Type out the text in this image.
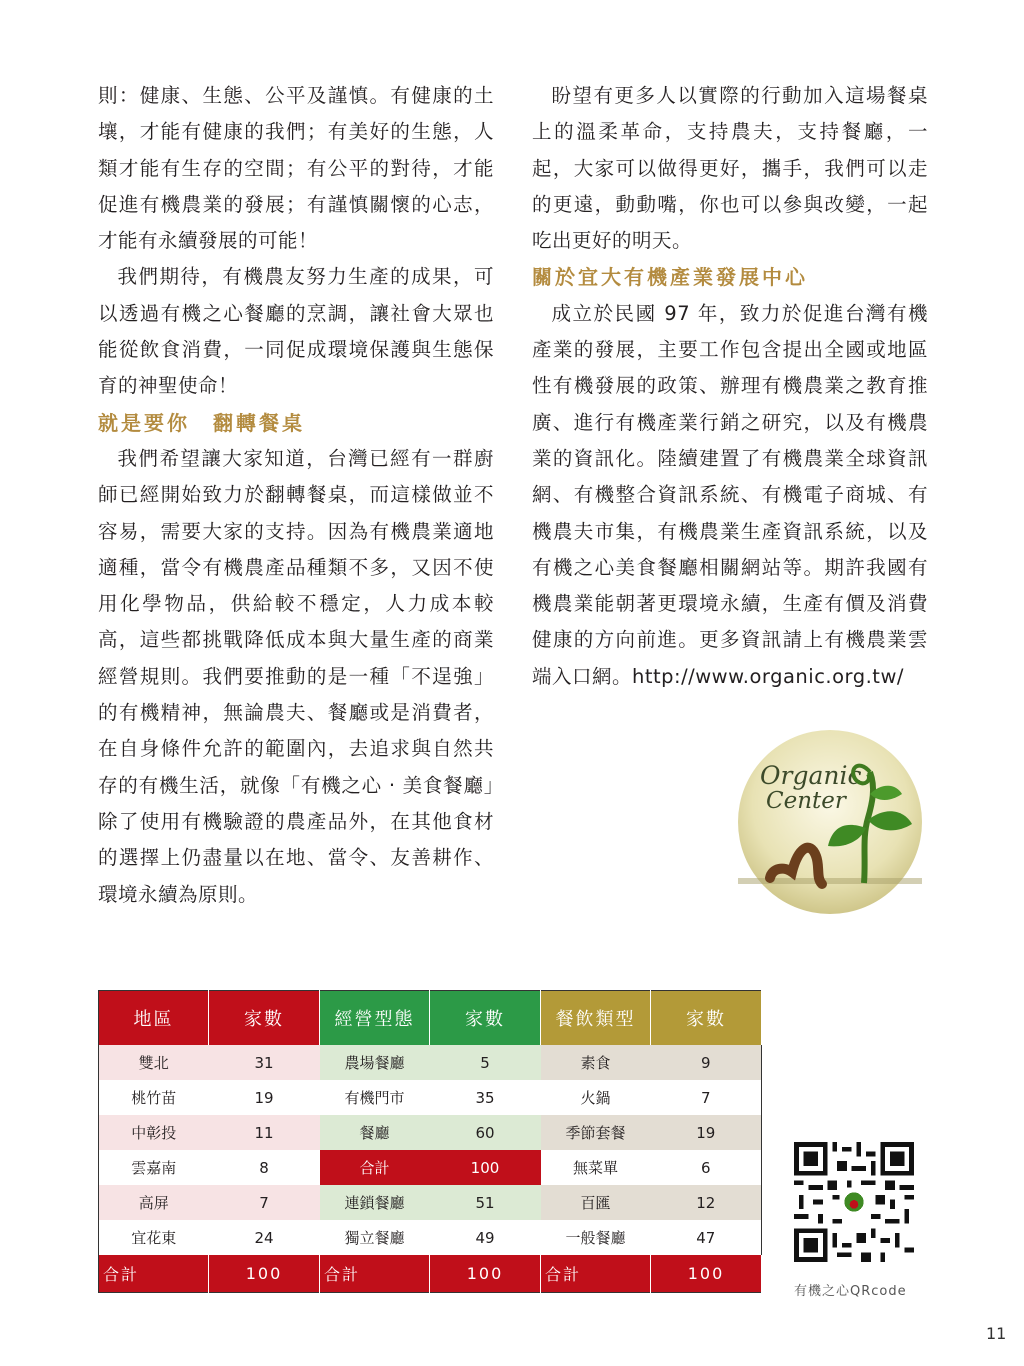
則：健康、生態、公平及謹慎。有健康的土壤，才能有健康的我們；有美好的生態，人類才能有生存的空間；有公平的對待，才能促進有機農業的發展；有謹慎關懷的心志，才能有永續發展的可能！

我們期待，有機農友努力生產的成果，可以透過有機之心餐廳的烹調，讓社會大眾也能從飲食消費，一同促成環境保護與生態保育的神聖使命！

就是要你　翻轉餐桌

我們希望讓大家知道，台灣已經有一群廚師已經開始致力於翻轉餐桌，而這樣做並不容易，需要大家的支持。因為有機農業適地適種，當令有機農產品種類不多，又因不使用化學物品，供給較不穩定，人力成本較高，這些都挑戰降低成本與大量生產的商業經營規則。我們要推動的是一種「不逞強」的有機精神，無論農夫、餐廳或是消費者，在自身條件允許的範圍內，去追求與自然共存的有機生活，就像「有機之心 ‧ 美食餐廳」除了使用有機驗證的農產品外，在其他食材的選擇上仍盡量以在地、當令、友善耕作、環境永續為原則。

盼望有更多人以實際的行動加入這場餐桌上的溫柔革命，支持農夫，支持餐廳，一起，大家可以做得更好，攜手，我們可以走的更遠，動動嘴，你也可以參與改變，一起吃出更好的明天。

關於宜大有機產業發展中心

成立於民國 97 年，致力於促進台灣有機產業的發展，主要工作包含提出全國或地區性有機發展的政策、辦理有機農業之教育推廣、進行有機產業行銷之研究，以及有機農業的資訊化。陸續建置了有機農業全球資訊網、有機整合資訊系統、有機電子商城、有機農夫市集，有機農業生產資訊系統，以及有機之心美食餐廳相關網站等。期許我國有機農業能朝著更環境永續，生產有價及消費健康的方向前進。更多資訊請上有機農業雲端入口網。http://www.organic.org.tw/

Organic
Center
地區	家數	經營型態	家數	餐飲類型	家數
雙北	31	農場餐廳	5	素食	9
桃竹苗	19	有機門市	35	火鍋	7
中彰投	11	餐廳	60	季節套餐	19
雲嘉南	8	合計	100	無菜單	6
高屏	7	連鎖餐廳	51	百匯	12
宜花東	24	獨立餐廳	49	一般餐廳	47
合計	100	合計	100	合計	100
有機之心QRcode
11
